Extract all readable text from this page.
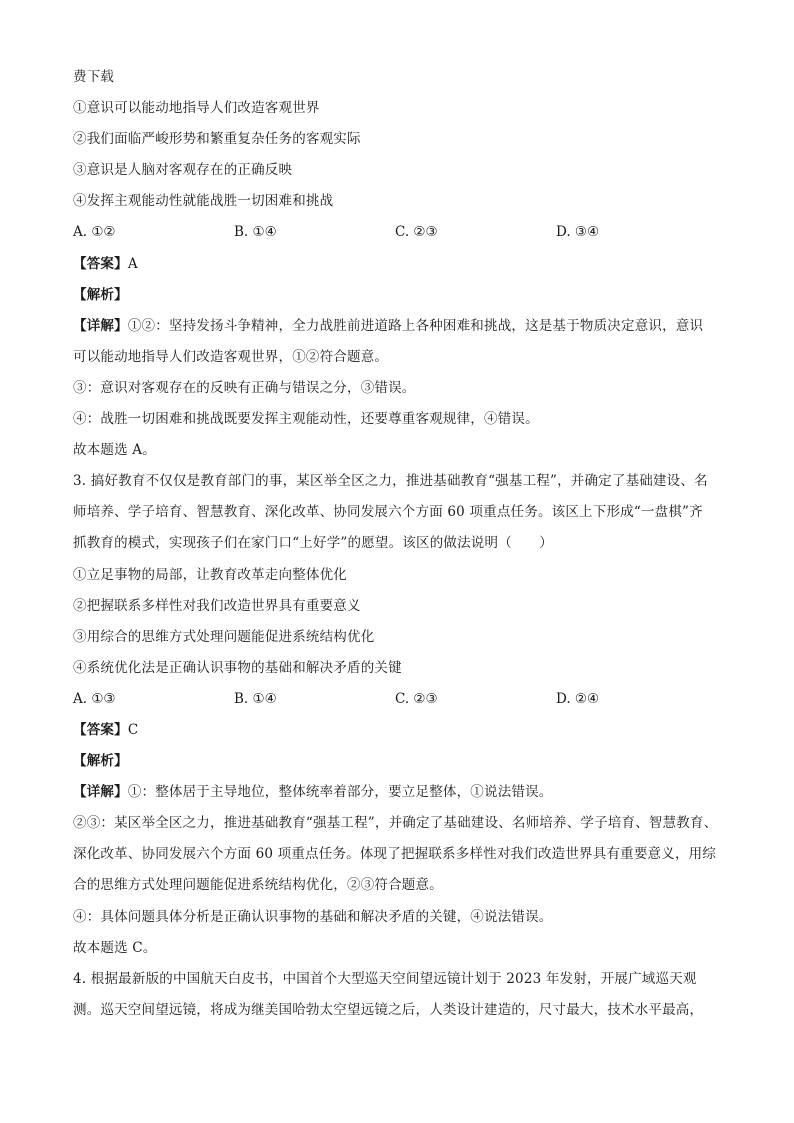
费下载
①意识可以能动地指导人们改造客观世界
②我们面临严峻形势和繁重复杂任务的客观实际
③意识是人脑对客观存在的正确反映
④发挥主观能动性就能战胜一切困难和挑战
A. ①②	B. ①④	C. ②③	D. ③④
【答案】A
【解析】
【详解】①②：坚持发扬斗争精神，全力战胜前进道路上各种困难和挑战，这是基于物质决定意识，意识
可以能动地指导人们改造客观世界，①②符合题意。
③：意识对客观存在的反映有正确与错误之分，③错误。
④：战胜一切困难和挑战既要发挥主观能动性，还要尊重客观规律，④错误。
故本题选 A。
3. 搞好教育不仅仅是教育部门的事，某区举全区之力，推进基础教育“强基工程”，并确定了基础建设、名
师培养、学子培育、智慧教育、深化改革、协同发展六个方面 60 项重点任务。该区上下形成“一盘棋”齐
抓教育的模式，实现孩子们在家门口“上好学”的愿望。该区的做法说明（　　）
①立足事物的局部，让教育改革走向整体优化
②把握联系多样性对我们改造世界具有重要意义
③用综合的思维方式处理问题能促进系统结构优化
④系统优化法是正确认识事物的基础和解决矛盾的关键
A. ①③	B. ①④	C. ②③	D. ②④
【答案】C
【解析】
【详解】①：整体居于主导地位，整体统率着部分，要立足整体，①说法错误。
②③：某区举全区之力，推进基础教育“强基工程”，并确定了基础建设、名师培养、学子培育、智慧教育、
深化改革、协同发展六个方面 60 项重点任务。体现了把握联系多样性对我们改造世界具有重要意义，用综
合的思维方式处理问题能促进系统结构优化，②③符合题意。
④：具体问题具体分析是正确认识事物的基础和解决矛盾的关键，④说法错误。
故本题选 C。
4. 根据最新版的中国航天白皮书，中国首个大型巡天空间望远镜计划于 2023 年发射，开展广域巡天观
测。巡天空间望远镜，将成为继美国哈勃太空望远镜之后，人类设计建造的，尺寸最大，技术水平最高，
